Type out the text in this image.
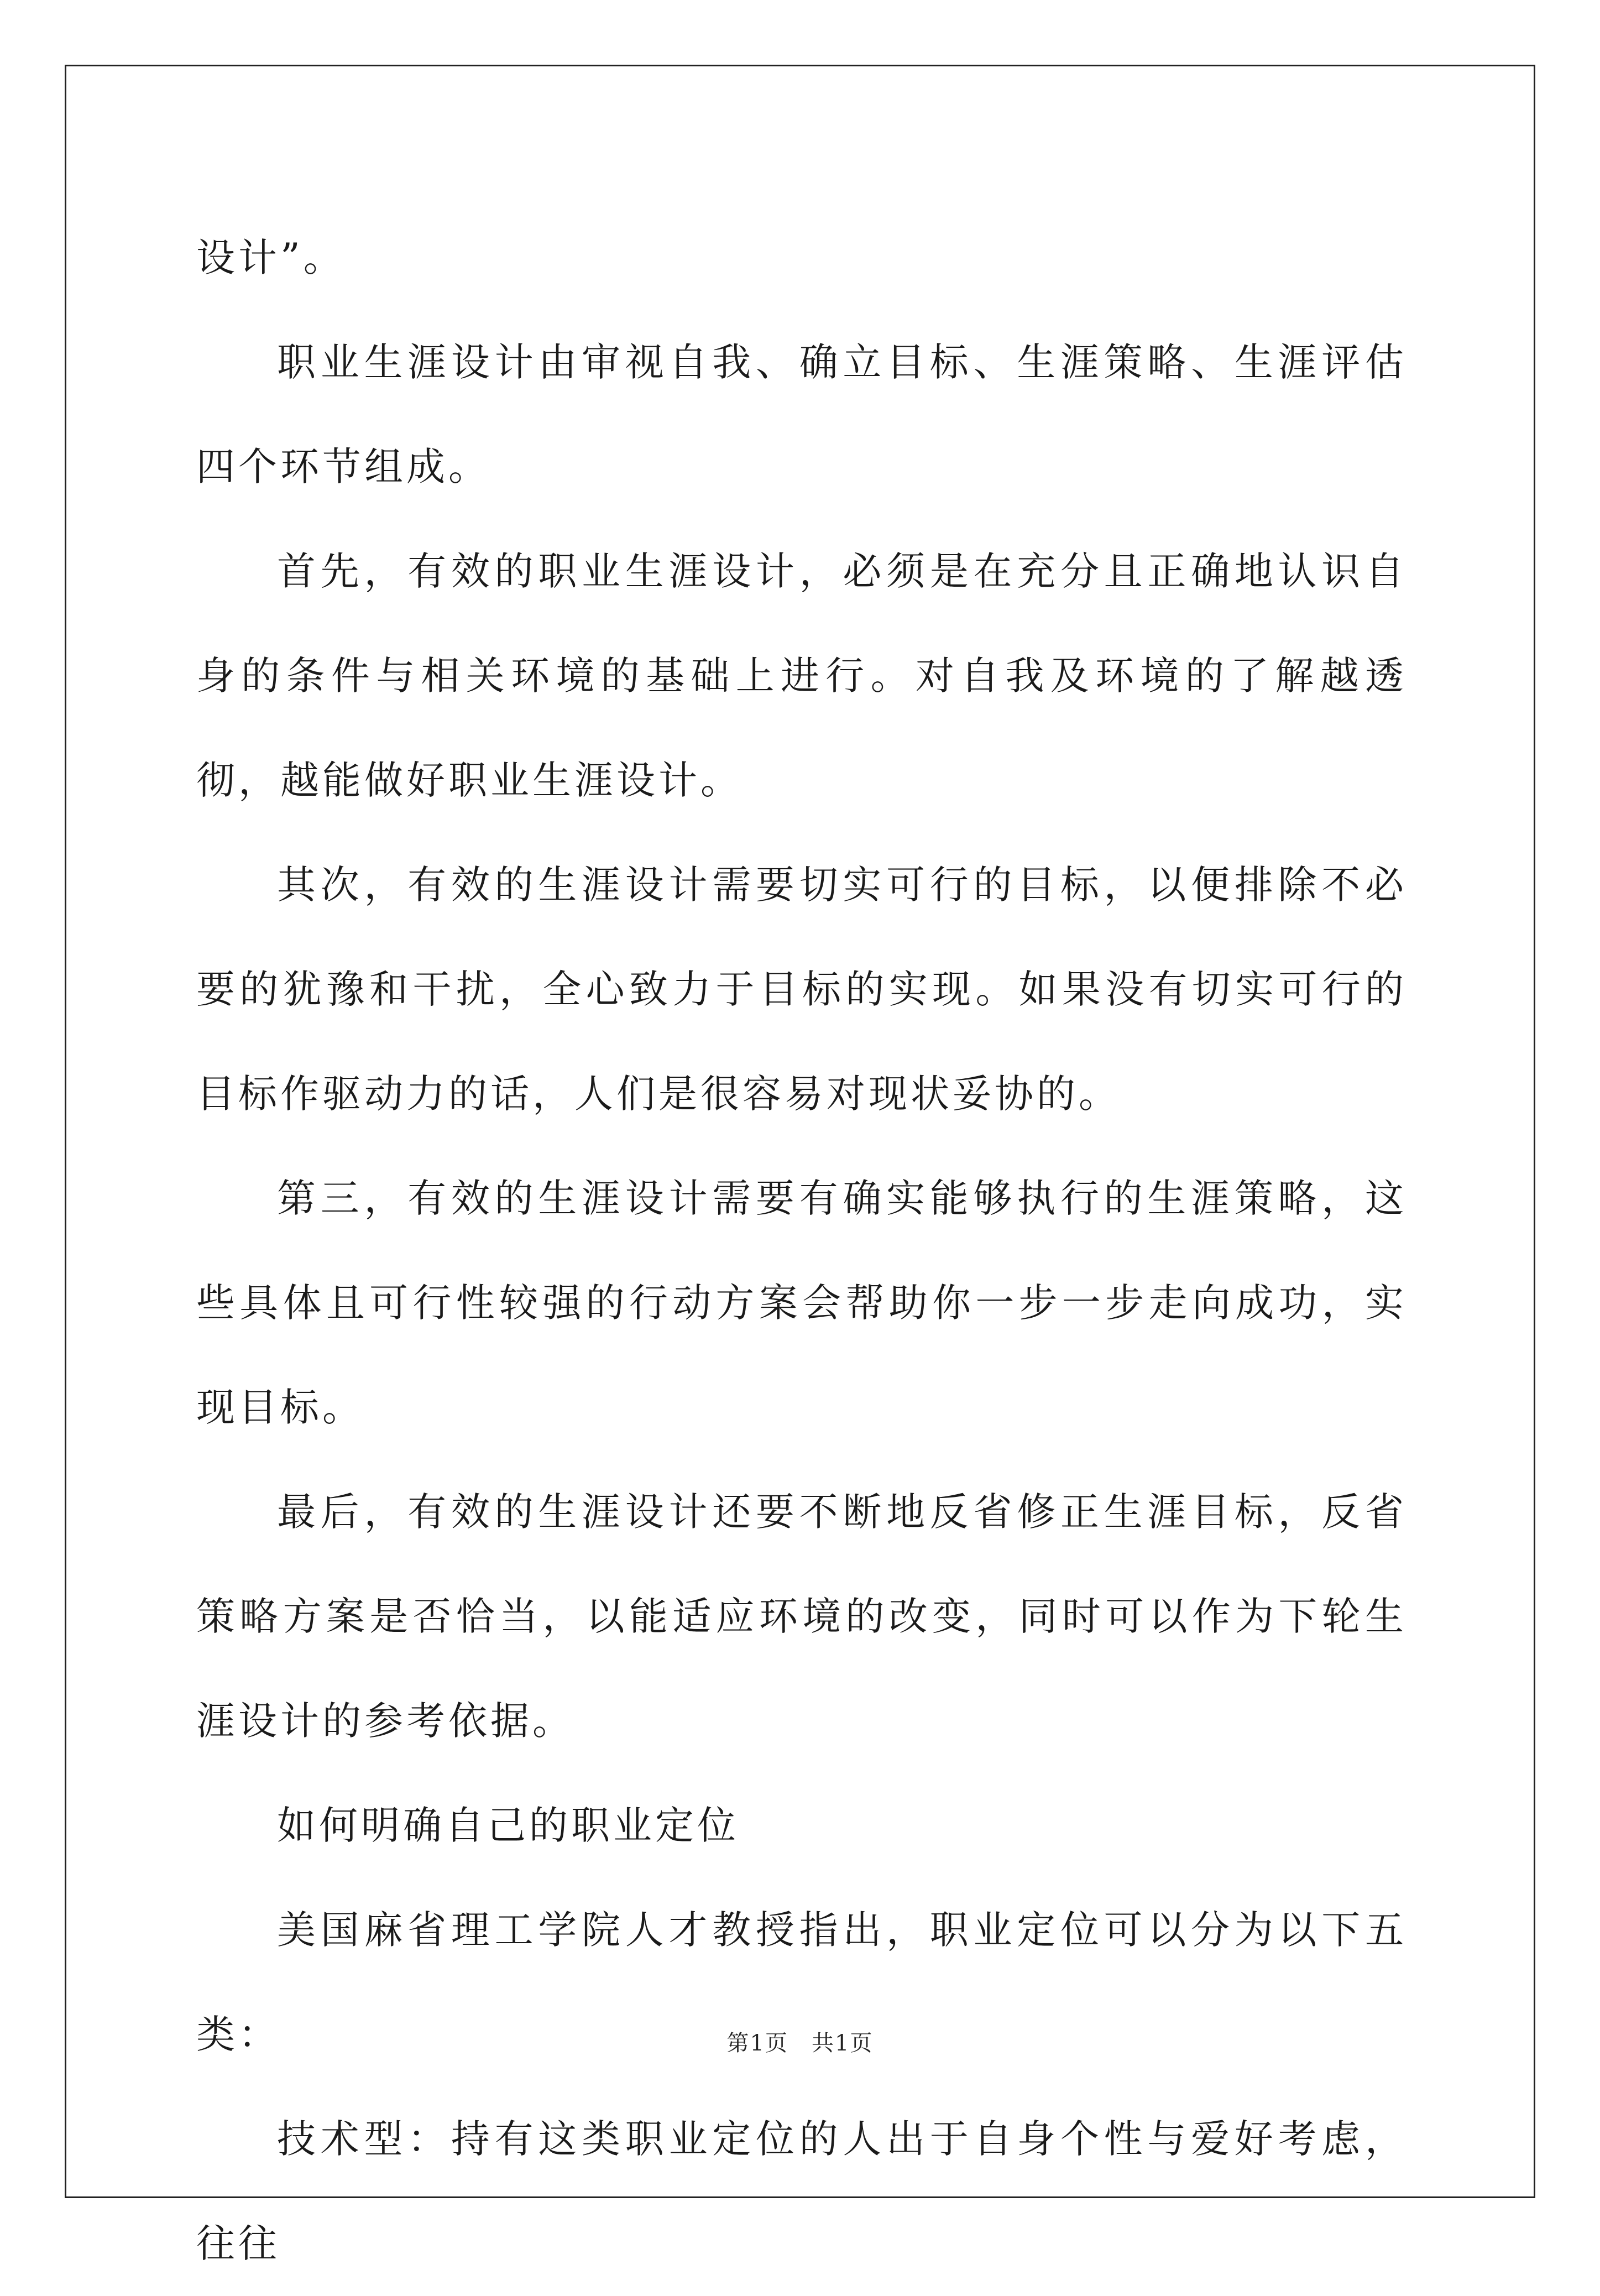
设计”。

职业生涯设计由审视自我、确立目标、生涯策略、生涯评估四个环节组成。

首先，有效的职业生涯设计，必须是在充分且正确地认识自身的条件与相关环境的基础上进行。对自我及环境的了解越透彻，越能做好职业生涯设计。

其次，有效的生涯设计需要切实可行的目标，以便排除不必要的犹豫和干扰，全心致力于目标的实现。如果没有切实可行的目标作驱动力的话，人们是很容易对现状妥协的。

第三，有效的生涯设计需要有确实能够执行的生涯策略，这些具体且可行性较强的行动方案会帮助你一步一步走向成功，实现目标。

最后，有效的生涯设计还要不断地反省修正生涯目标，反省策略方案是否恰当，以能适应环境的改变，同时可以作为下轮生涯设计的参考依据。

如何明确自己的职业定位

美国麻省理工学院人才教授指出，职业定位可以分为以下五类：

技术型：持有这类职业定位的人出于自身个性与爱好考虑，往往

第1页　共1页
